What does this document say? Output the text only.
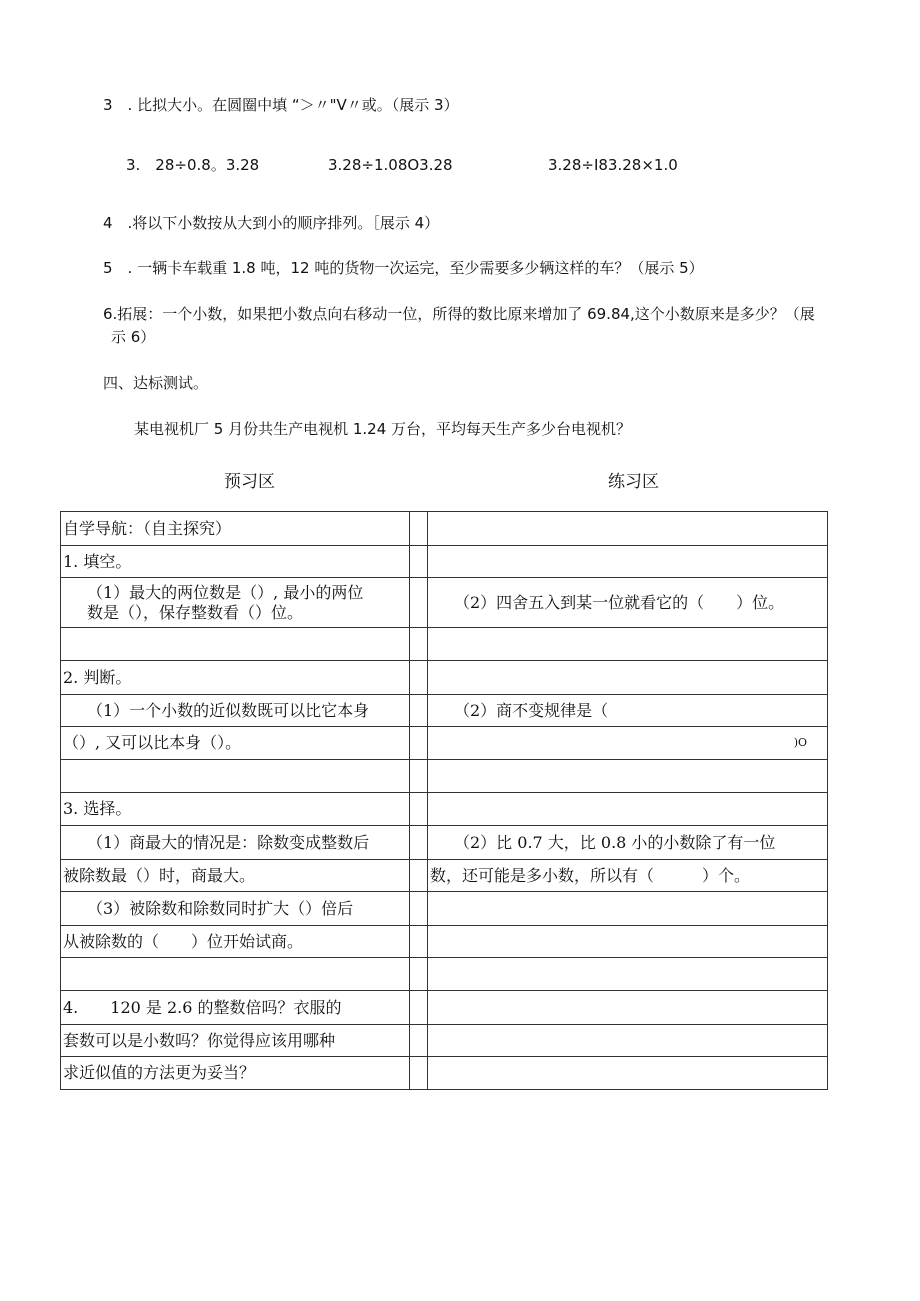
3　. 比拟大小。在圆圈中填 “＞〃"V〃或。（展示 3）
3.　28÷0.8。3.28	3.28÷1.08O3.28	3.28÷Ι83.28×1.0
4　.将以下小数按从大到小的顺序排列。［展示 4）
5　. 一辆卡车载重 1.8 吨，12 吨的货物一次运完，至少需要多少辆这样的车？（展示 5）
6.拓展：一个小数，如果把小数点向右移动一位，所得的数比原来增加了 69.84,这个小数原来是多少？（展
示 6）
四、达标测试。
某电视机厂 5 月份共生产电视机 1.24 万台，平均每天生产多少台电视机？
预习区	练习区
自学导航：（自主探究）		
1. 填空。		
（1）最大的两位数是（）, 最小的两位
数是（），保存整数看（）位。		（2）四舍五入到某一位就看它的（　　）位。

2. 判断。		
（1）一个小数的近似数既可以比它本身		（2）商不变规律是（
（）, 又可以比本身（）。		)O

3. 选择。		
（1）商最大的情况是：除数变成整数后		（2）比 0.7 大，比 0.8 小的小数除了有一位
被除数最（）时，商最大。		数，还可能是多小数，所以有（　　　）个。
（3）被除数和除数同时扩大（）倍后		
从被除数的（　　）位开始试商。		

4.　　120 是 2.6 的整数倍吗？衣服的		
套数可以是小数吗？你觉得应该用哪种		
求近似值的方法更为妥当？		
